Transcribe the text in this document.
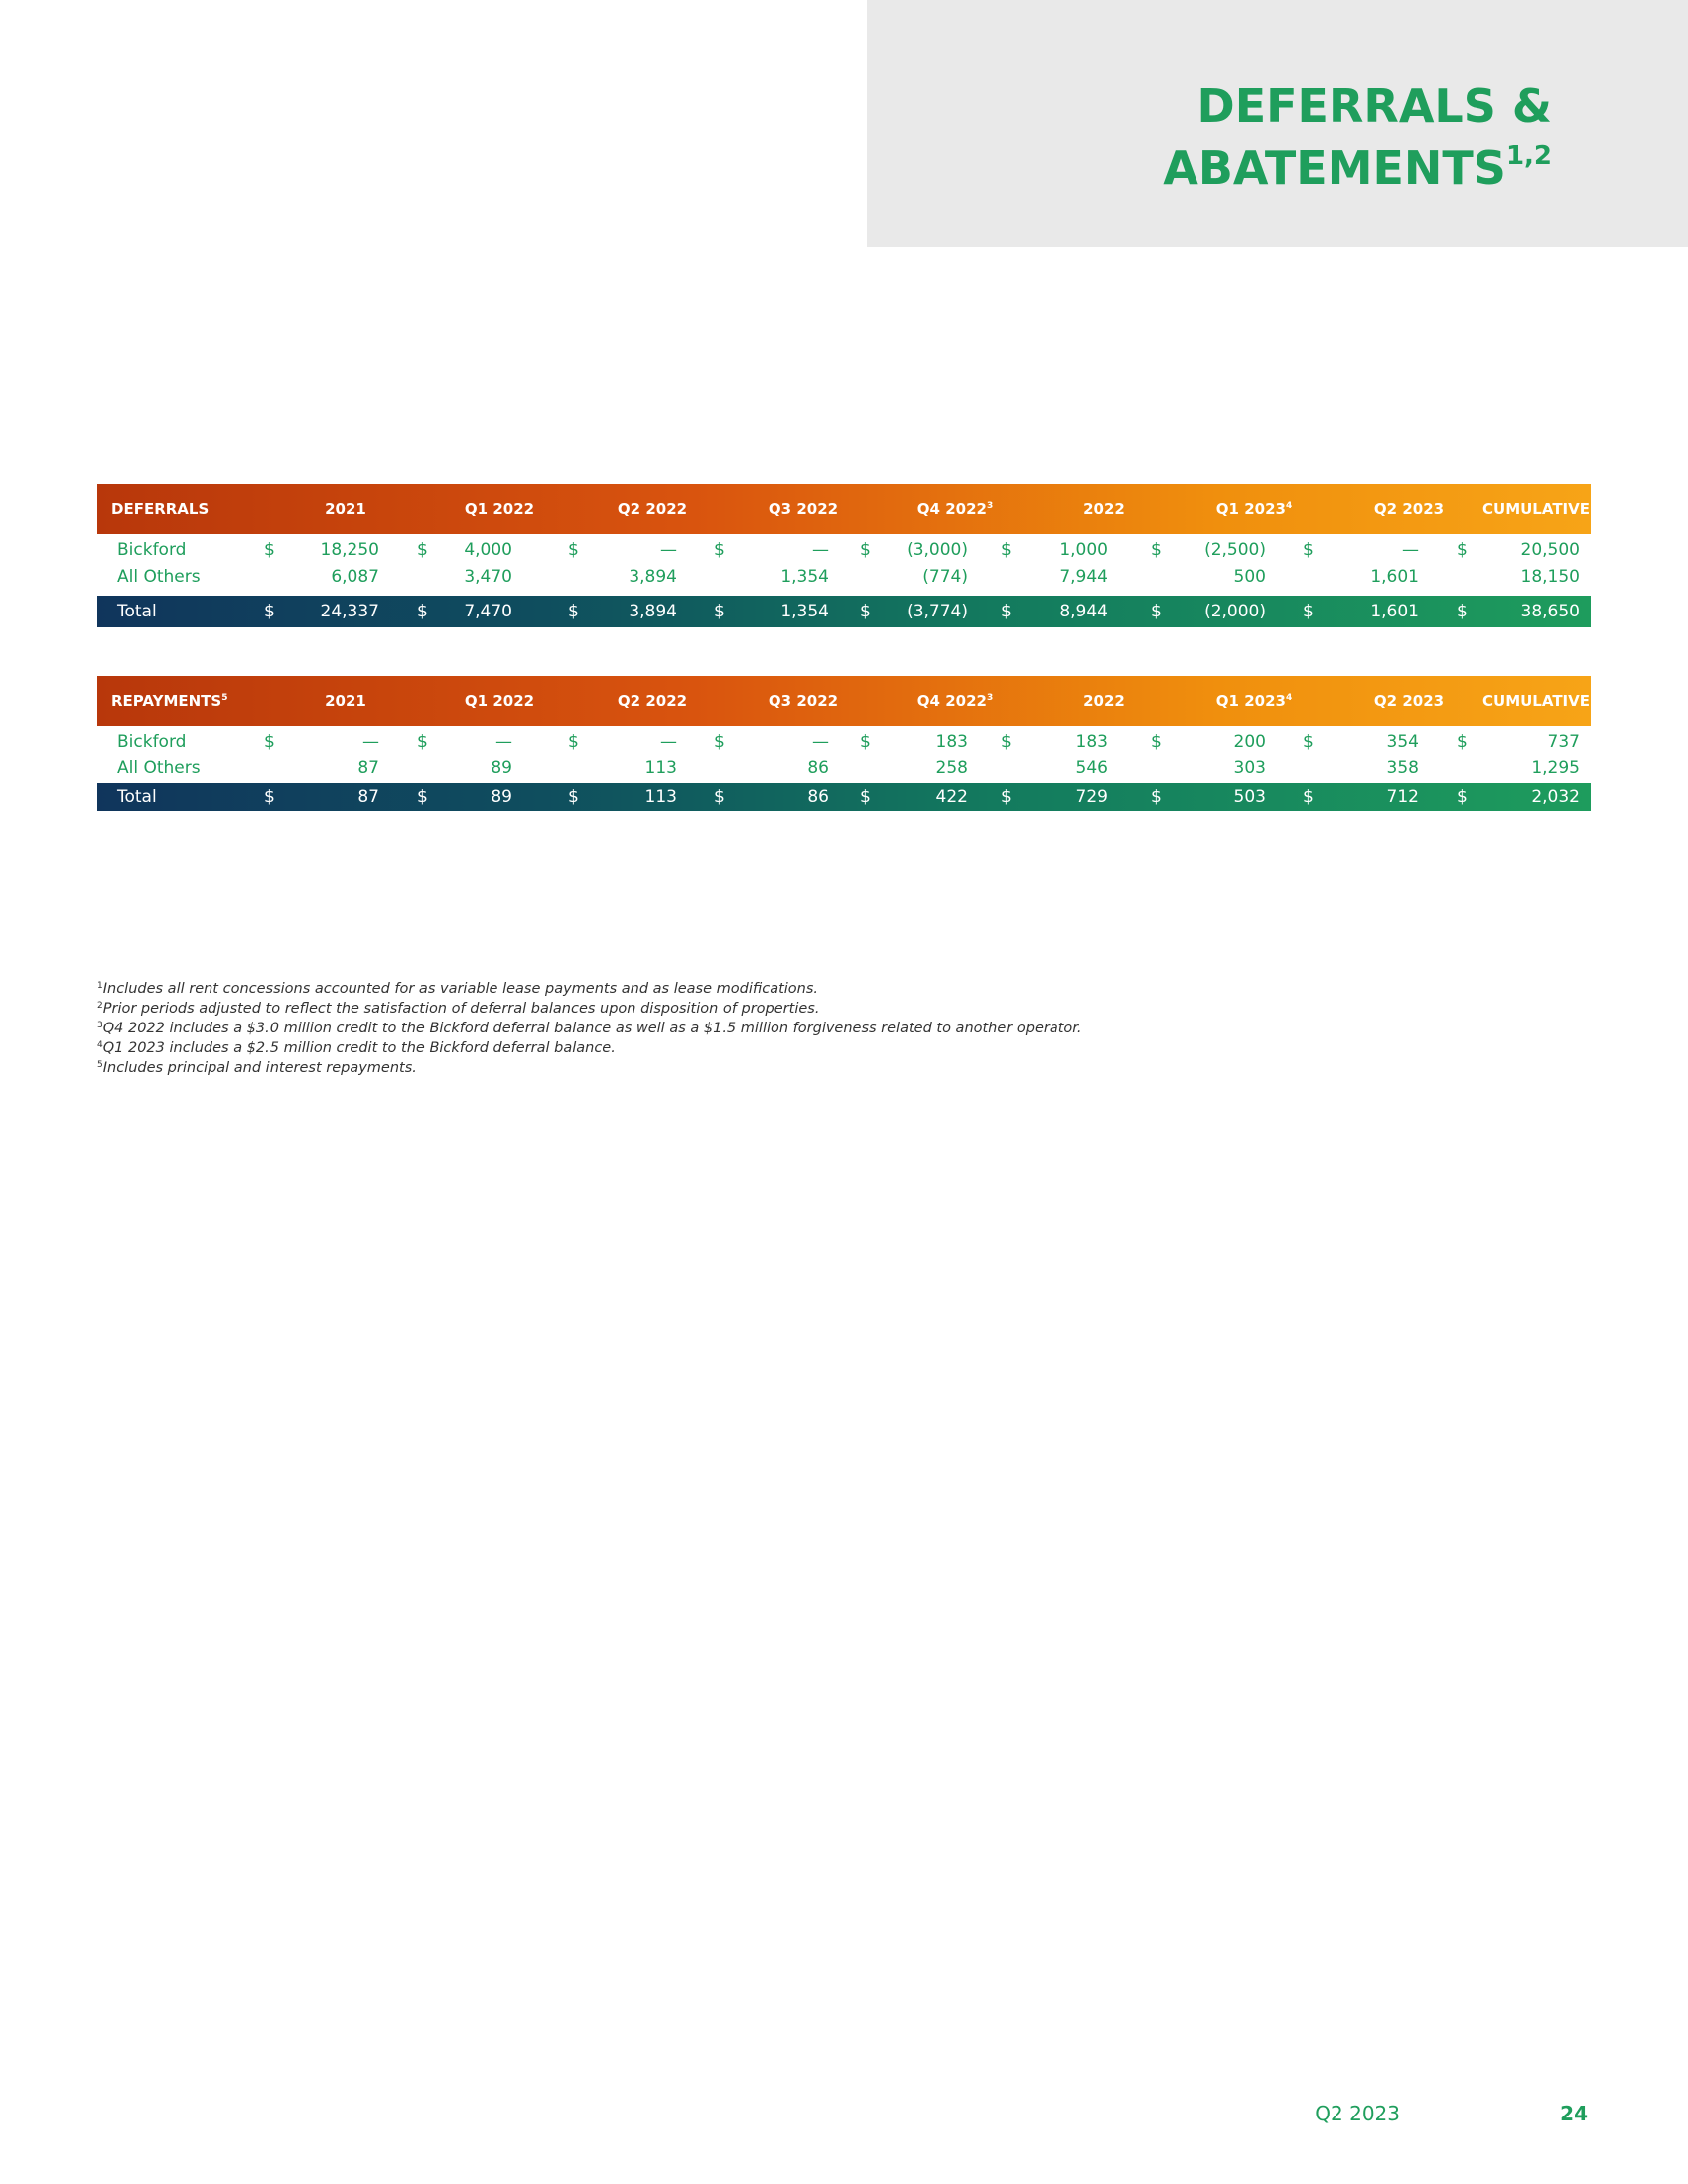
DEFERRALS &
ABATEMENTS$^{1,2}$
DEFERRALS	2021	Q1 2022	Q2 2022	Q3 2022	Q4 2022$^3$	2022	Q1 2023$^4$	Q2 2023	CUMULATIVE
Bickford	$	18,250 $ 4,000	$	— $	— $ (3,000) $	1,000	$	(2,500) $	— $	20,500
All Others	6,087	3,470	3,894	1,354	(774)	7,944	500	1,601	18,150
Total	$	24,337 $ 7,470	$	3,894 $	1,354 $ (3,774) $	8,944	$	(2,000) $	1,601 $	38,650
REPAYMENTS$^5$	2021	Q1 2022	Q2 2022	Q3 2022	Q4 2022$^3$	2022	Q1 2023$^4$	Q2 2023	CUMULATIVE
Bickford	$	— $	—	$	— $	— $	183 $	183	$	200 $	354 $	737
All Others	87	89	113	86	258	546	303	358	1,295
Total	$	87 $	89	$	113 $	86 $	422 $	729	$	503 $	712 $	2,032
$^1$Includes all rent concessions accounted for as variable lease payments and as lease modifications.
$^2$Prior periods adjusted to reflect the satisfaction of deferral balances upon disposition of properties.
$^3$Q4 2022 includes a $3.0 million credit to the Bickford deferral balance as well as a $1.5 million forgiveness related to another operator.
$^4$Q1 2023 includes a $2.5 million credit to the Bickford deferral balance.
$^5$Includes principal and interest repayments.
Q2 2023	24
